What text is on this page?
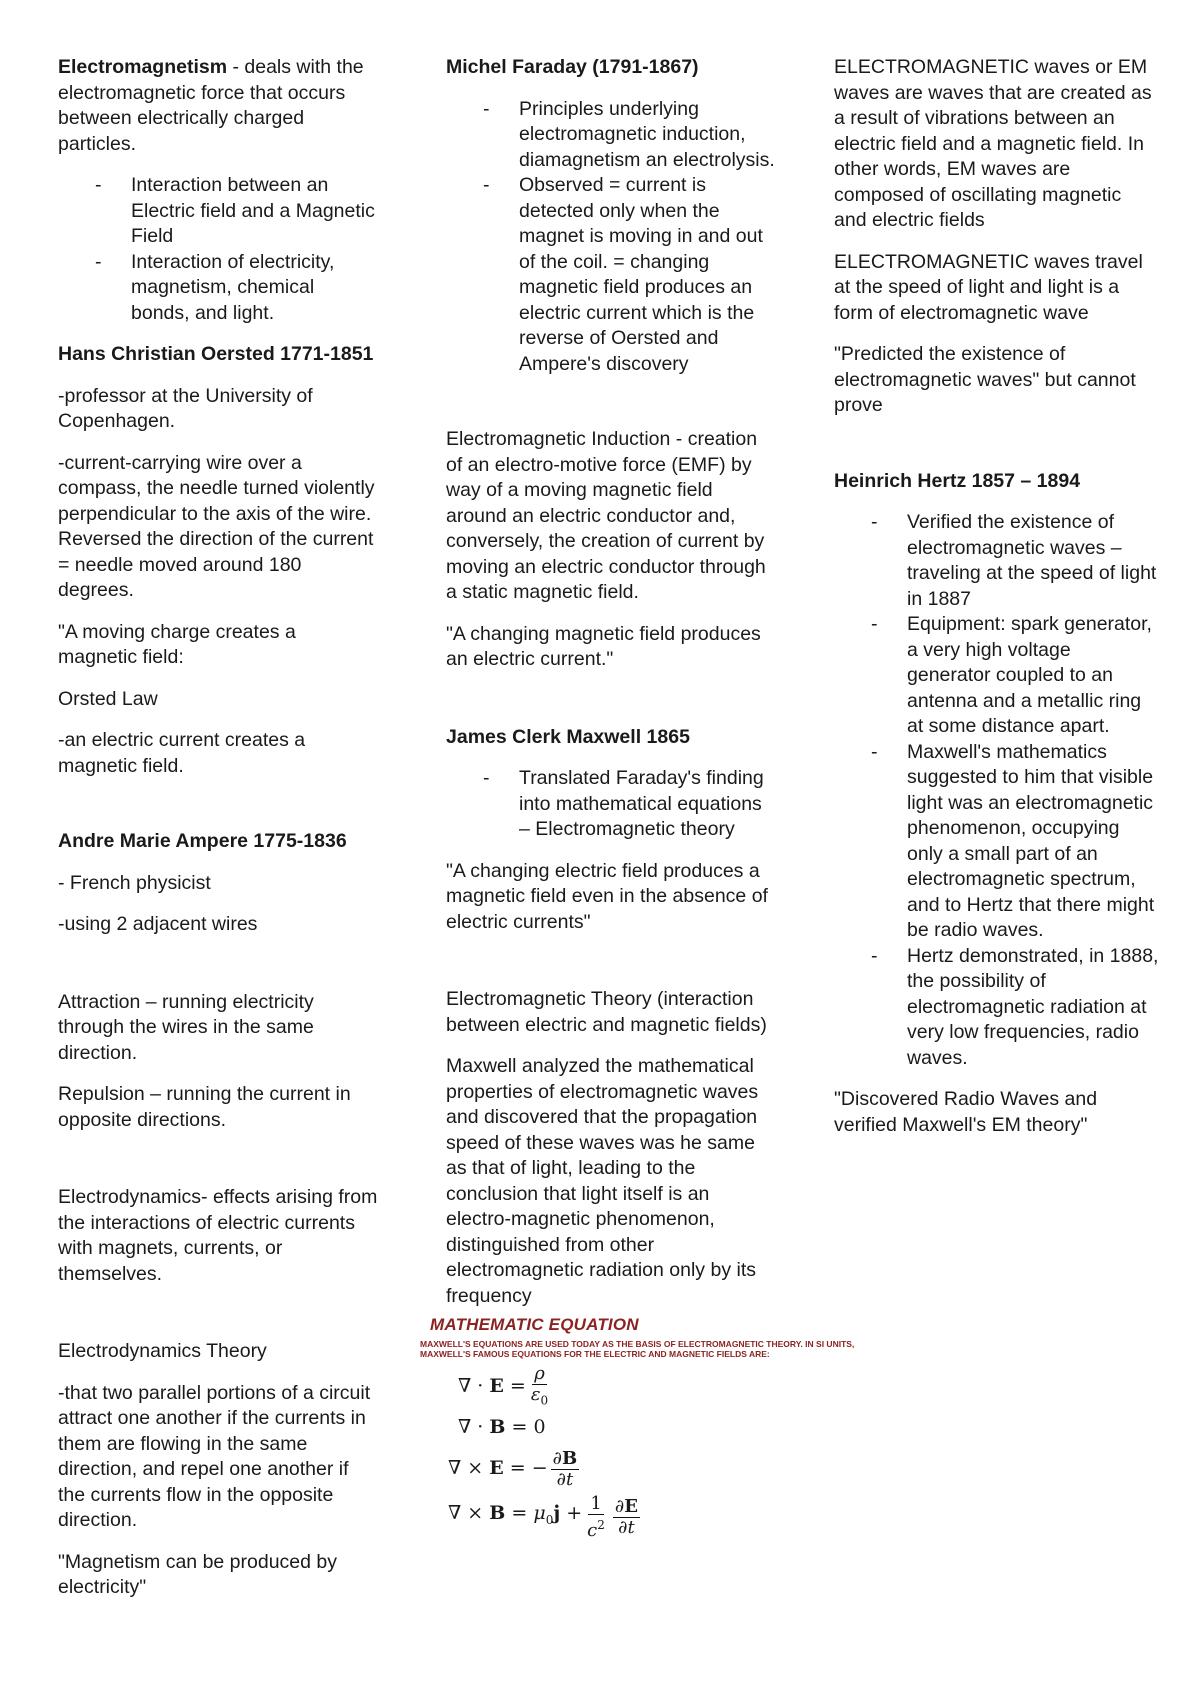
Electromagnetism - deals with the electromagnetic force that occurs between electrically charged particles.

- Interaction between an Electric field and a Magnetic Field
- Interaction of electricity, magnetism, chemical bonds, and light.

Hans Christian Oersted 1771-1851

-professor at the University of Copenhagen.

-current-carrying wire over a compass, the needle turned violently perpendicular to the axis of the wire. Reversed the direction of the current = needle moved around 180 degrees.

"A moving charge creates a magnetic field:

Orsted Law

-an electric current creates a magnetic field.

Andre Marie Ampere 1775-1836

- French physicist

-using 2 adjacent wires

Attraction – running electricity through the wires in the same direction.

Repulsion – running the current in opposite directions.

Electrodynamics- effects arising from the interactions of electric currents with magnets, currents, or themselves.

Electrodynamics Theory

-that two parallel portions of a circuit attract one another if the currents in them are flowing in the same direction, and repel one another if the currents flow in the opposite direction.

"Magnetism can be produced by electricity"

Michel Faraday (1791-1867)

- Principles underlying electromagnetic induction, diamagnetism an electrolysis.
- Observed = current is detected only when the magnet is moving in and out of the coil. = changing magnetic field produces an electric current which is the reverse of Oersted and Ampere's discovery

Electromagnetic Induction - creation of an electro-motive force (EMF) by way of a moving magnetic field around an electric conductor and, conversely, the creation of current by moving an electric conductor through a static magnetic field.

"A changing magnetic field produces an electric current."

James Clerk Maxwell 1865

- Translated Faraday's finding into mathematical equations – Electromagnetic theory

"A changing electric field produces a magnetic field even in the absence of electric currents"

Electromagnetic Theory (interaction between electric and magnetic fields)

Maxwell analyzed the mathematical properties of electromagnetic waves and discovered that the propagation speed of these waves was he same as that of light, leading to the conclusion that light itself is an electro-magnetic phenomenon, distinguished from other electromagnetic radiation only by its frequency

MATHEMATIC EQUATION
MAXWELL'S EQUATIONS ARE USED TODAY AS THE BASIS OF ELECTROMAGNETIC THEORY. IN SI UNITS, MAXWELL'S FAMOUS EQUATIONS FOR THE ELECTRIC AND MAGNETIC FIELDS ARE:
∇ · $E = \frac{\rho}{\varepsilon_0}$
∇ · B = 0
∇ × E = − $\frac{\partial B}{\partial t}$
∇ × $B = \mu_0j + \frac{1}{c^2} \frac{\partial E}{\partial t}$

ELECTROMAGNETIC waves or EM waves are waves that are created as a result of vibrations between an electric field and a magnetic field. In other words, EM waves are composed of oscillating magnetic and electric fields

ELECTROMAGNETIC waves travel at the speed of light and light is a form of electromagnetic wave

"Predicted the existence of electromagnetic waves" but cannot prove

Heinrich Hertz 1857 – 1894

- Verified the existence of electromagnetic waves – traveling at the speed of light in 1887
- Equipment: spark generator, a very high voltage generator coupled to an antenna and a metallic ring at some distance apart.
- Maxwell's mathematics suggested to him that visible light was an electromagnetic phenomenon, occupying only a small part of an electromagnetic spectrum, and to Hertz that there might be radio waves.
- Hertz demonstrated, in 1888, the possibility of electromagnetic radiation at very low frequencies, radio waves.

"Discovered Radio Waves and verified Maxwell's EM theory"
